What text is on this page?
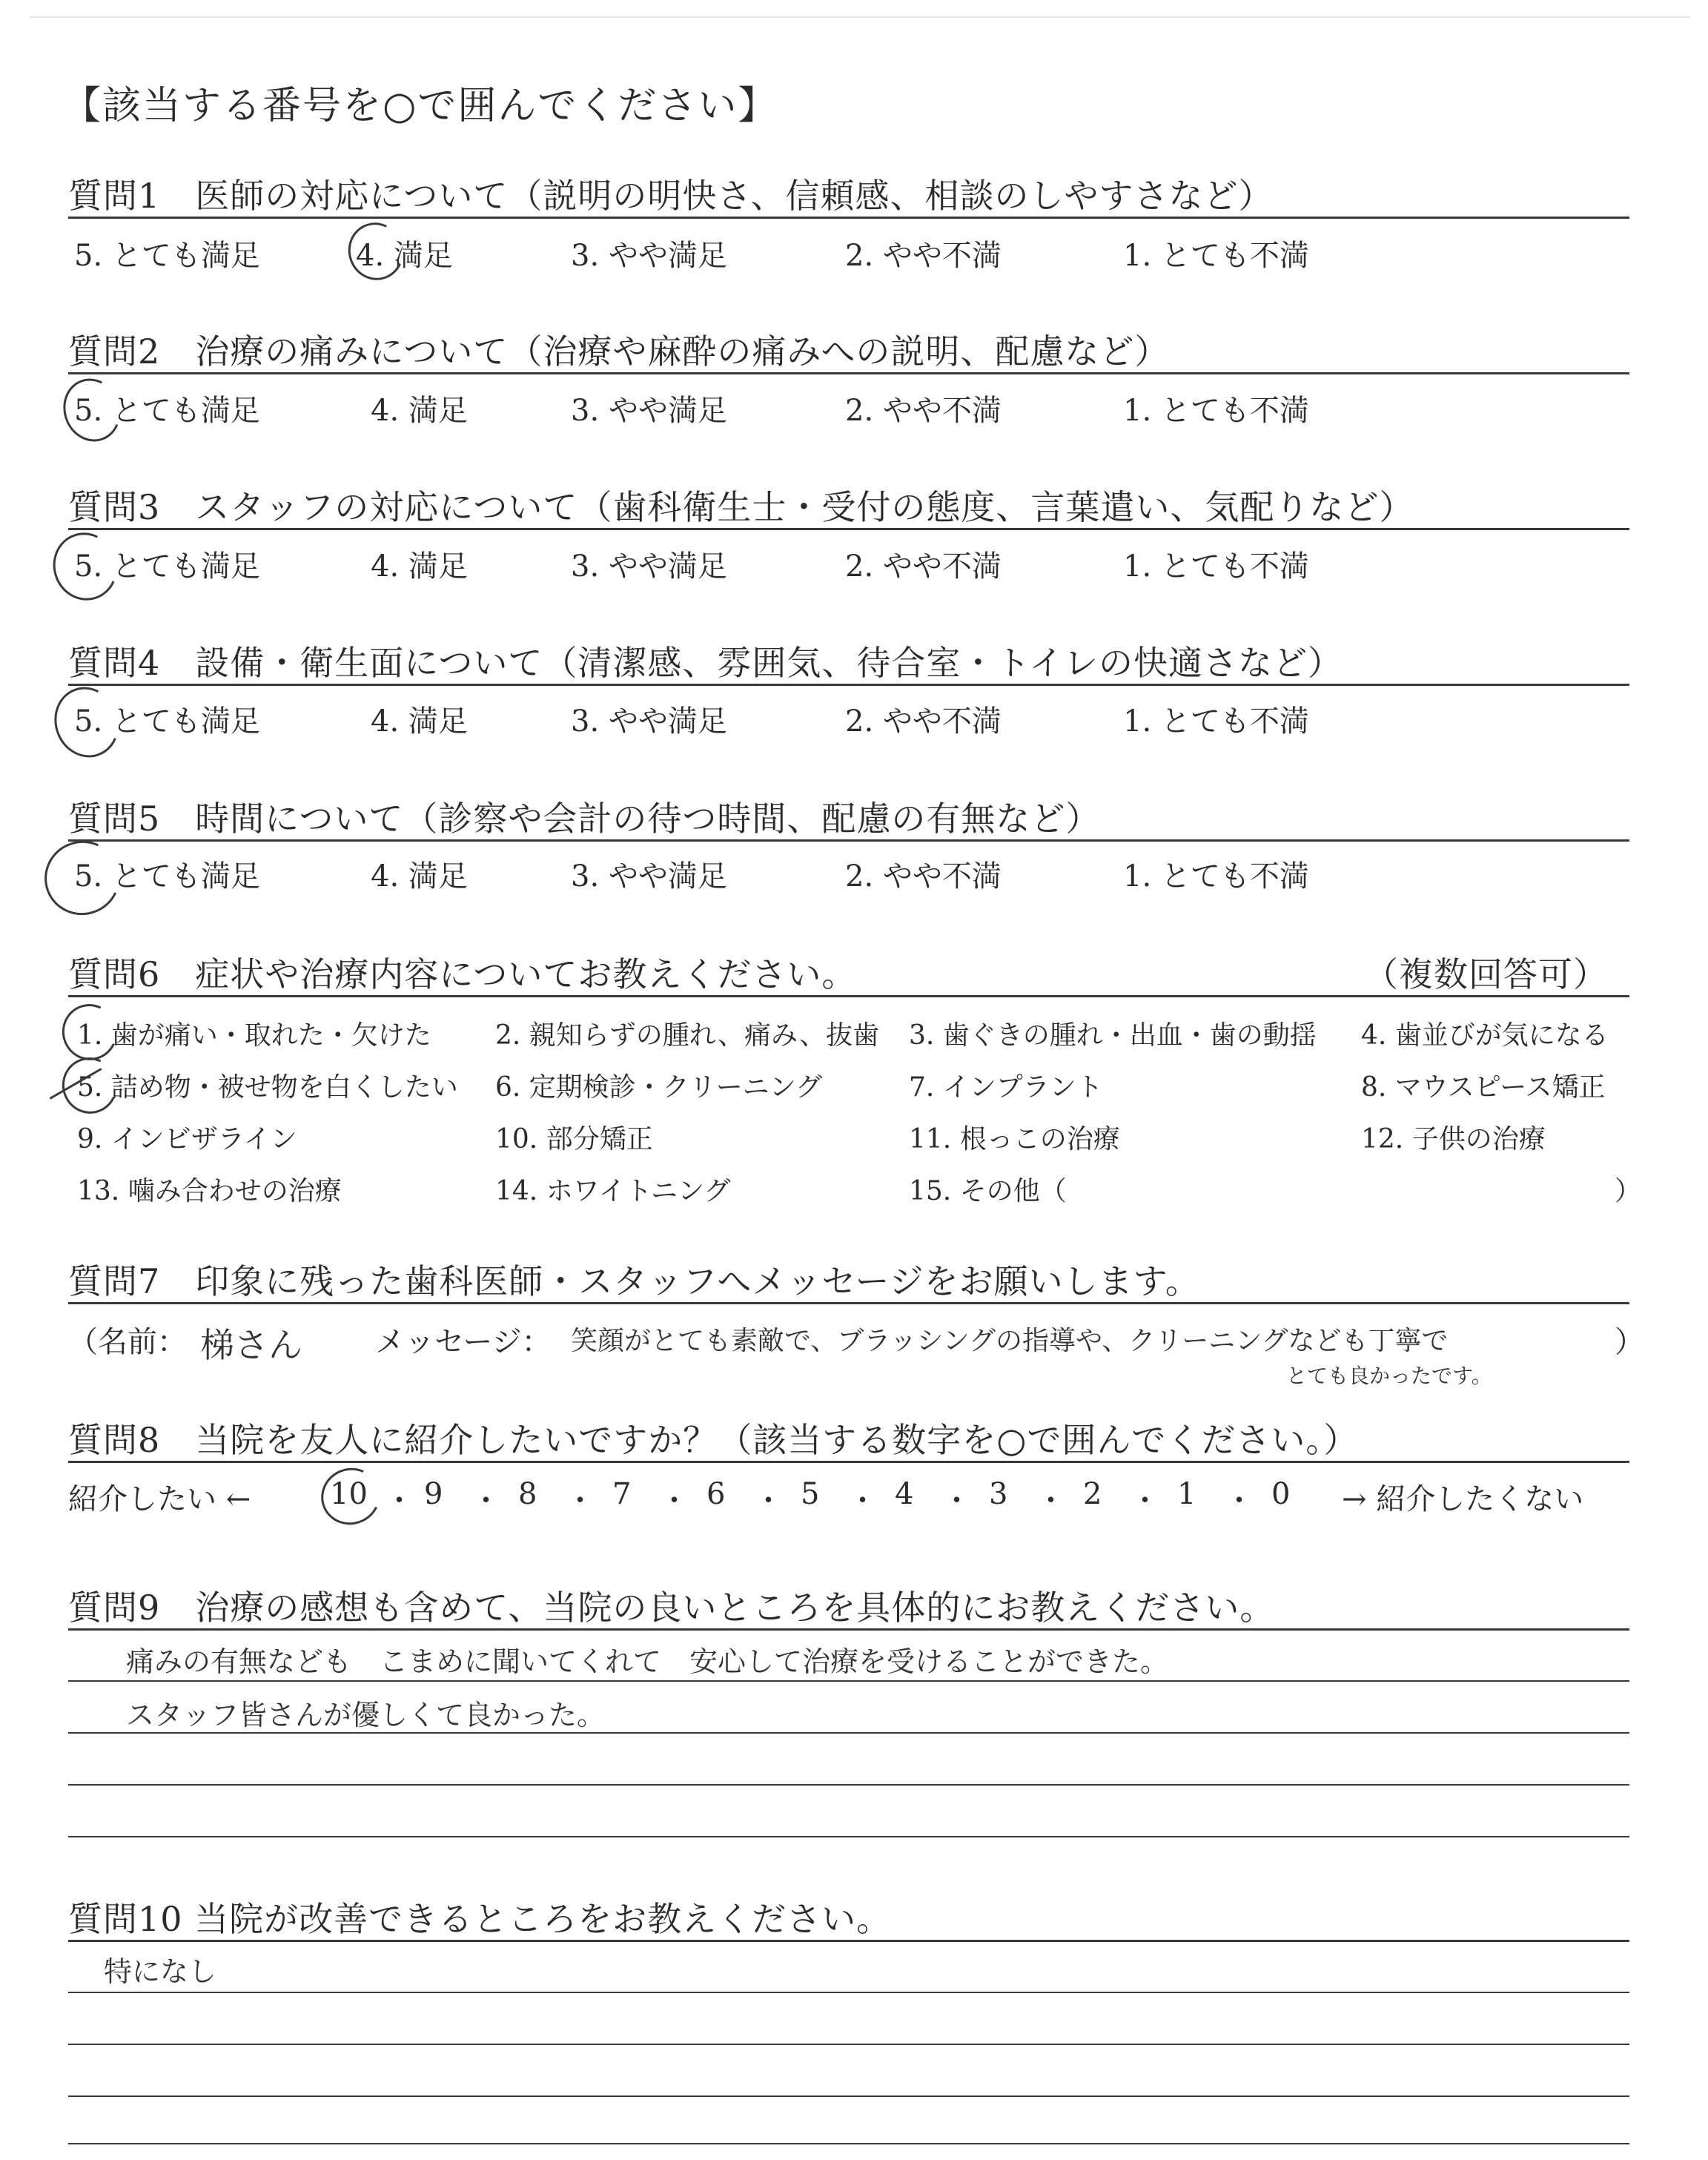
【該当する番号を○で囲んでください】
質問1　医師の対応について（説明の明快さ、信頼感、相談のしやすさなど）
5. とても満足	4. 満足	3. やや満足	2. やや不満	1. とても不満
質問2　治療の痛みについて（治療や麻酔の痛みへの説明、配慮など）
5. とても満足	4. 満足	3. やや満足	2. やや不満	1. とても不満
質問3　スタッフの対応について（歯科衛生士・受付の態度、言葉遣い、気配りなど）
5. とても満足	4. 満足	3. やや満足	2. やや不満	1. とても不満
質問4　設備・衛生面について（清潔感、雰囲気、待合室・トイレの快適さなど）
5. とても満足	4. 満足	3. やや満足	2. やや不満	1. とても不満
質問5　時間について（診察や会計の待つ時間、配慮の有無など）
5. とても満足	4. 満足	3. やや満足	2. やや不満	1. とても不満
質問6　症状や治療内容についてお教えください。	（複数回答可）
1. 歯が痛い・取れた・欠けた 2. 親知らずの腫れ、痛み、抜歯 3. 歯ぐきの腫れ・出血・歯の動揺 4. 歯並びが気になる
5. 詰め物・被せ物を白くしたい 6. 定期検診・クリーニング	7. インプラント	8. マウスピース矯正
9. インビザライン	10. 部分矯正	11. 根っこの治療	12. 子供の治療
13. 噛み合わせの治療	14. ホワイトニング	15. その他（	）
質問7　印象に残った歯科医師・スタッフへメッセージをお願いします。
（名前： 梯さん メッセージ： 笑顔がとても素敵で、ブラッシングの指導や、クリーニングなども丁寧で
とても良かったです。
）
質問8　当院を友人に紹介したいですか？（該当する数字を○で囲んでください。）
紹介したい ←	→ 紹介したくない
10 ・ 9 ・ 8 ・ 7 ・ 6 ・ 5 ・ 4 ・ 3 ・ 2 ・ 1 ・ 0
質問9　治療の感想も含めて、当院の良いところを具体的にお教えください。
痛みの有無なども　こまめに聞いてくれて　安心して治療を受けることができた。
スタッフ皆さんが優しくて良かった。
質問10 当院が改善できるところをお教えください。
特になし
